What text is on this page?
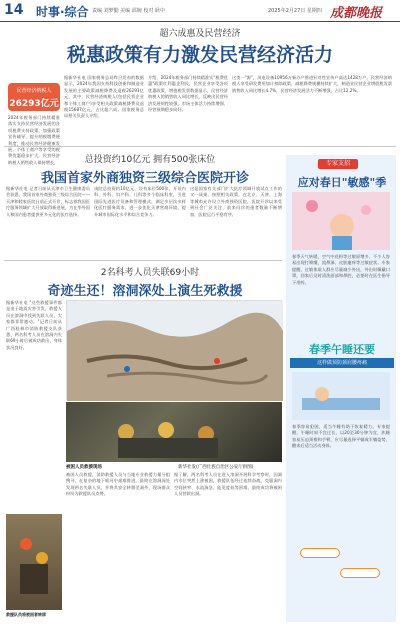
14 时事·综合 责编 刘梦勤 美编 邱婉 校对 耿中	2025年2月27日 星期四 成都晚报
超六成惠及民营经济
税惠政策有力激发民营经济活力
民营经济纳税人
26293亿元
据新华社电 国家税务总局昨日发布的数据显示，2024年我国支持科技创新和制造业发展的主要政策减税降费及退税26293亿元，其中，民营经济纳税人(包括民营企业和个体工商户)享受相关政策减税降费及退税15687亿元，占比超六成。国家税务总局相关负责人介绍，
2024年税务部门持续精准落实支持民营经济发展的各项税费支持政策，加强政策宣传辅导，提升纳税缴费便利度，推动民营经济健康发展。个体工商户等享受的税费优惠稳步扩大，民营经济纳税人销售收入保持增长，
介绍，2024年税务部门持续精准实"税费优惠"政策红利惠企利民，民营企业享受各项优惠政策，增值税发票数据显示，民营经济纳税人的销售收入同比增长，反映出民营经济发展韧性较强，市场主体活力持续增强，经营预期稳步向好。
这类一"源"，风电设备10956万新办户推进针对性宣传户高达1428万户。民营经济纳税人享受研发费用加计扣除政策，减税降费规模持续扩大，制造业民营企业增值税发票销售收入同比增长4.7%，民营经济发展活力不断增强，占比12.2%。
总投资约10亿元 拥有500张床位
我国首家外商独资三级综合医院开诊
据新华社电 记者日前从天津市卫生健康委员会获悉，我国首家外商独资三级综合医院——天津和睦家医院日前正式开诊，标志着我国医疗服务领域扩大开放取得新进展，为在华外国人和国内患者提供更多元化的医疗选择。
该院总投资约10亿元，设有床位500张，开设内科、外科、妇产科、儿科等多个临床科室，引进国际先进医疗设备和管理模式，满足多层次多样化医疗服务需求，进一步优化天津营商环境，提升城市国际化水平和综合竞争力。
这是国家有关部门扩大医疗领域开放试点工作的又一成果。按照相关政策，在北京、天津、上海等城市允许设立外商独资医院，医院开诊以来受到社会广泛关注，前来问诊的患者数量不断增加，医院运行平稳有序。
2名科考人员失联69小时
奇迹生还！溶洞深处上演生死救援
据新华社电 "这些救援事件都是由于地质灾害引发，救援人员在溶洞中找到失联人员，大家都非常激动。"记者日前从广西桂林市消防救援支队获悉，两名科考人员在溶洞内失联69小时后被成功救出，身体状况良好。
被困人员救援现场	新华社发(广西壮族自治区公安厅供图)
被困人员救援，消防救援人员与当地专业救援力量分组搜寻，在复杂的地下暗河中艰难推进，最终在溶洞深处发现两名失联人员，并将其安全转移至洞外，现场群众纷纷为救援队员点赞。
据了解，两名科考人员在进入溶洞开展科学考察时，因洞内水位突然上涨被困，救援队伍经过连续奋战，克服洞内空间狭窄、水流湍急、能见度低等困难，最终成功将被困人员营救出洞。
救援队员将被困者转移
专家支招
应对春日"敏感"季
春季天气转暖，空气中花粉等过敏原增多，不少人容易出现打喷嚏、流鼻涕、皮肤瘙痒等过敏症状。专家提醒，过敏体质人群应尽量减少外出，外出时佩戴口罩，回家后及时清洗面部和鼻腔，必要时在医生指导下用药。
春季午睡还要
这样做预防颈肩腰疼痛
春季容易犯困，适当午睡有助于恢复精力。专家提醒，午睡时间不宜过长，以20至30分钟为宜，趴睡容易压迫颈椎和手臂，应尽量选择平躺或半躺姿势，醒来后适当活动身体。
